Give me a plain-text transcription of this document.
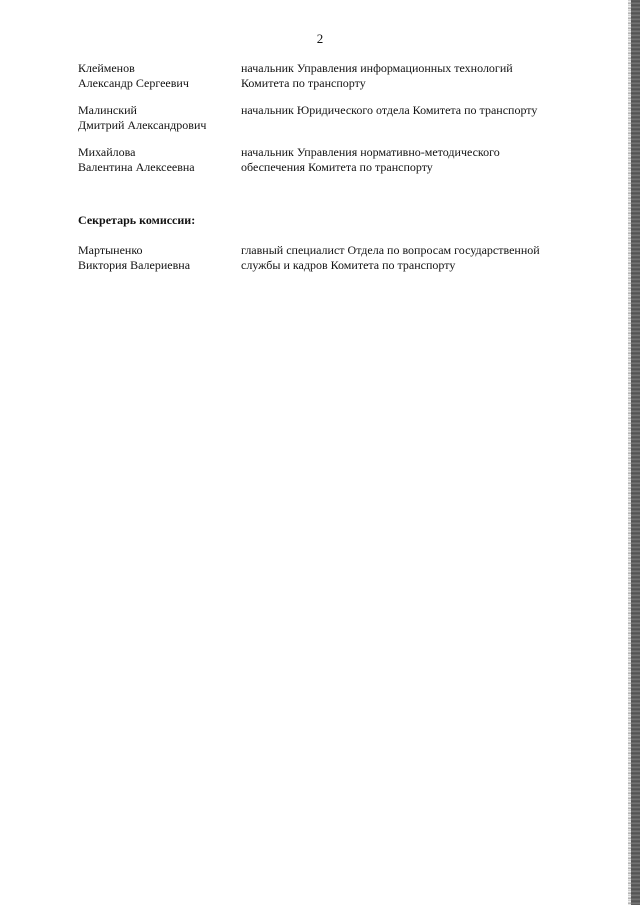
2
Клейменов
Александр Сергеевич
начальник Управления информационных технологий
Комитета по транспорту
Малинский
Дмитрий Александрович
начальник Юридического отдела Комитета по транспорту
Михайлова
Валентина Алексеевна
начальник Управления нормативно-методического
обеспечения Комитета по транспорту
Секретарь комиссии:
Мартыненко
Виктория Валериевна
главный специалист Отдела по вопросам государственной
службы и кадров Комитета по транспорту
